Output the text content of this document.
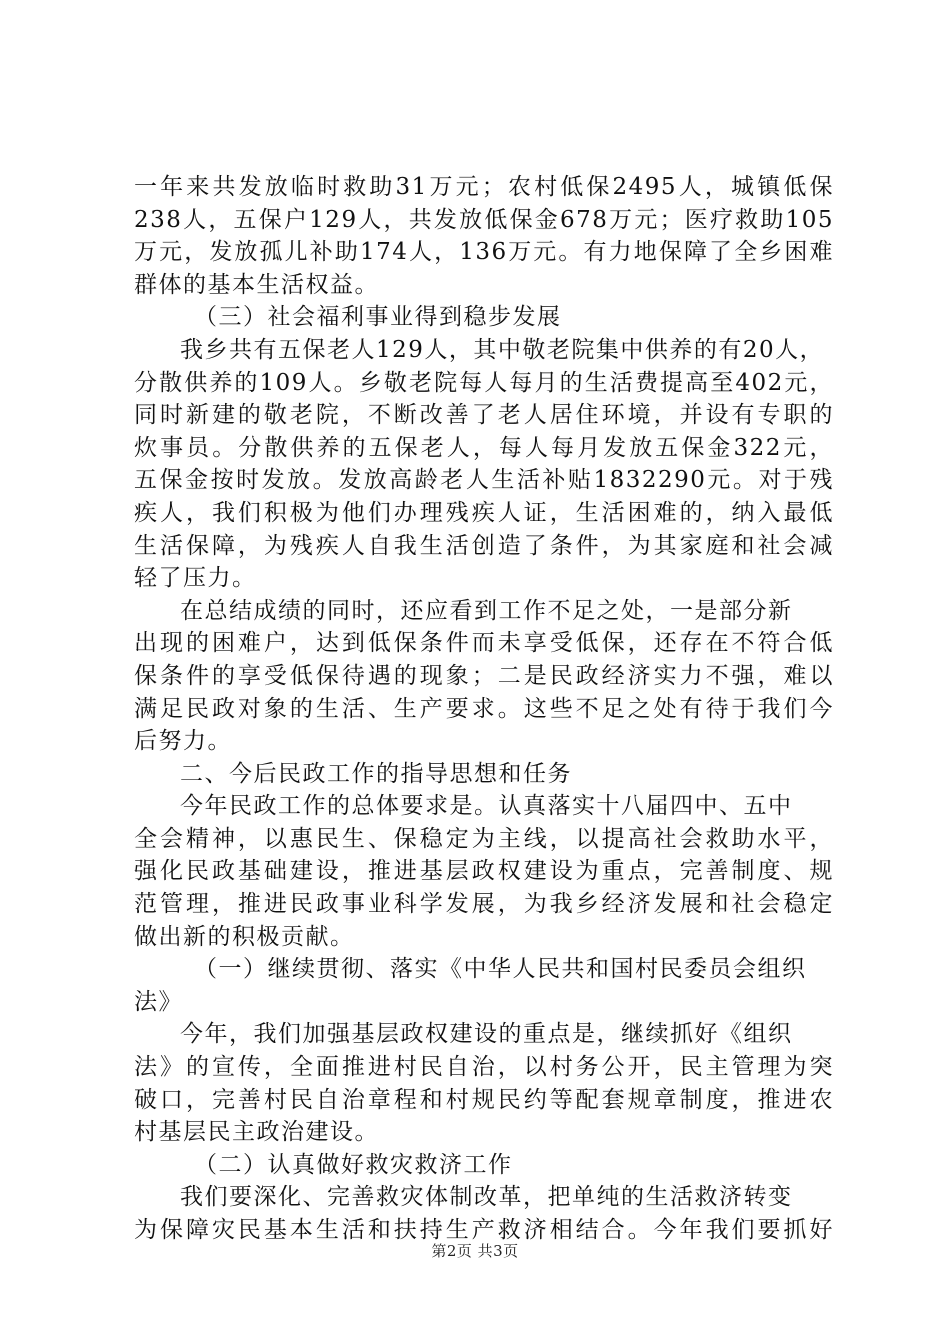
一年来共发放临时救助31万元；农村低保2495人，城镇低保
238人，五保户129人，共发放低保金678万元；医疗救助105
万元，发放孤儿补助174人，136万元。有力地保障了全乡困难
群体的基本生活权益。
（三）社会福利事业得到稳步发展
我乡共有五保老人129人，其中敬老院集中供养的有20人，
分散供养的109人。乡敬老院每人每月的生活费提高至402元，
同时新建的敬老院，不断改善了老人居住环境，并设有专职的
炊事员。分散供养的五保老人，每人每月发放五保金322元，
五保金按时发放。发放高龄老人生活补贴1832290元。对于残
疾人，我们积极为他们办理残疾人证，生活困难的，纳入最低
生活保障，为残疾人自我生活创造了条件，为其家庭和社会减
轻了压力。
在总结成绩的同时，还应看到工作不足之处，一是部分新
出现的困难户，达到低保条件而未享受低保，还存在不符合低
保条件的享受低保待遇的现象；二是民政经济实力不强，难以
满足民政对象的生活、生产要求。这些不足之处有待于我们今
后努力。
二、今后民政工作的指导思想和任务
今年民政工作的总体要求是。认真落实十八届四中、五中
全会精神，以惠民生、保稳定为主线，以提高社会救助水平，
强化民政基础建设，推进基层政权建设为重点，完善制度、规
范管理，推进民政事业科学发展，为我乡经济发展和社会稳定
做出新的积极贡献。
（一）继续贯彻、落实《中华人民共和国村民委员会组织
法》
今年，我们加强基层政权建设的重点是，继续抓好《组织
法》的宣传，全面推进村民自治，以村务公开，民主管理为突
破口，完善村民自治章程和村规民约等配套规章制度，推进农
村基层民主政治建设。
（二）认真做好救灾救济工作
我们要深化、完善救灾体制改革，把单纯的生活救济转变
为保障灾民基本生活和扶持生产救济相结合。今年我们要抓好
第2页 共3页
